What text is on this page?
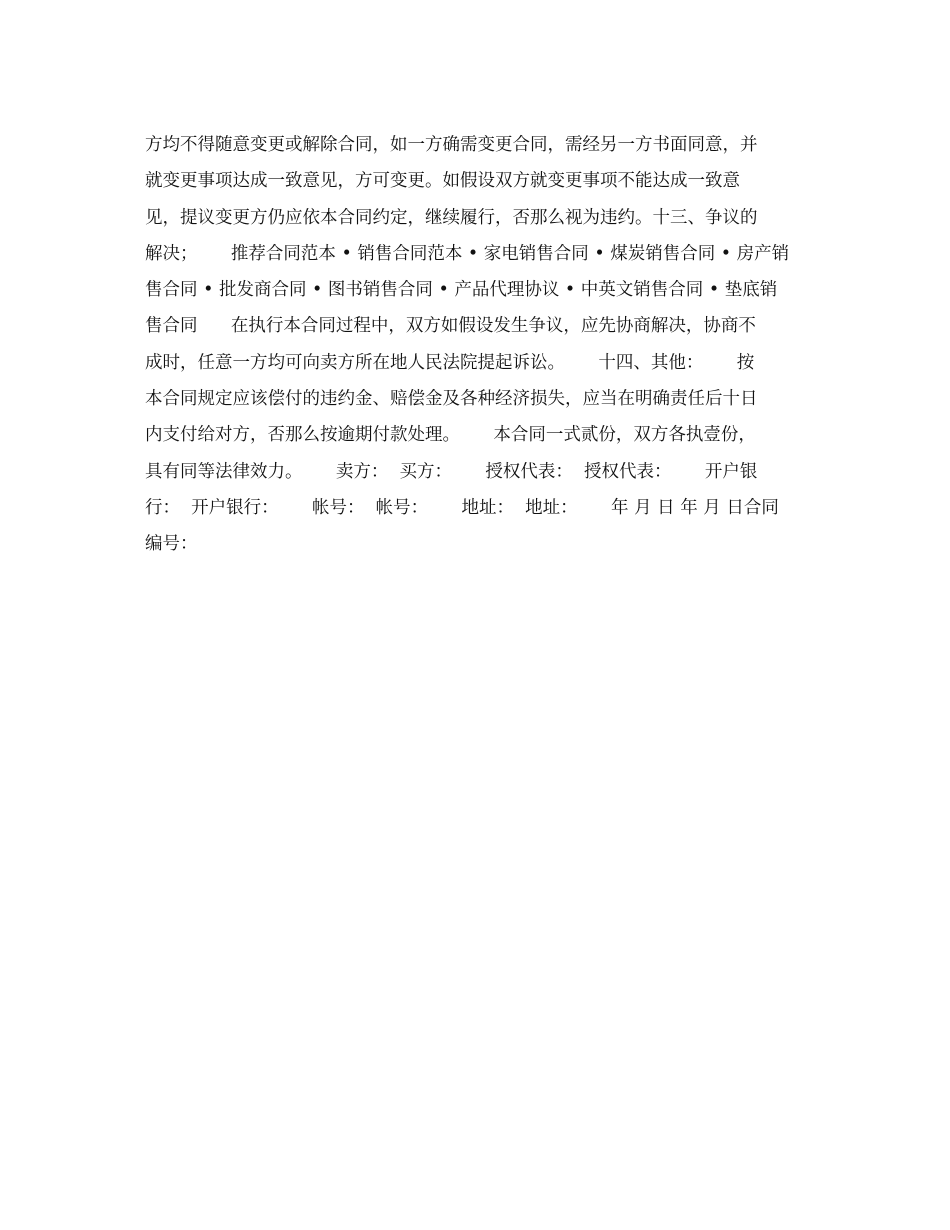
方均不得随意变更或解除合同，如一方确需变更合同，需经另一方书面同意，并
就变更事项达成一致意见，方可变更。如假设双方就变更事项不能达成一致意
见，提议变更方仍应依本合同约定，继续履行，否那么视为违约。十三、争议的
解决；      推荐合同范本 • 销售合同范本 • 家电销售合同 • 煤炭销售合同 • 房产销
售合同 • 批发商合同 • 图书销售合同 • 产品代理协议 • 中英文销售合同 • 垫底销
售合同      在执行本合同过程中，双方如假设发生争议，应先协商解决，协商不
成时，任意一方均可向卖方所在地人民法院提起诉讼。      十四、其他：      按
本合同规定应该偿付的违约金、赔偿金及各种经济损失，应当在明确责任后十日
内支付给对方，否那么按逾期付款处理。      本合同一式贰份，双方各执壹份，
具有同等法律效力。      卖方：  买方：      授权代表：  授权代表：      开户银
行：  开户银行：      帐号：  帐号：      地址：  地址：      年 月 日 年 月 日合同
编号：
